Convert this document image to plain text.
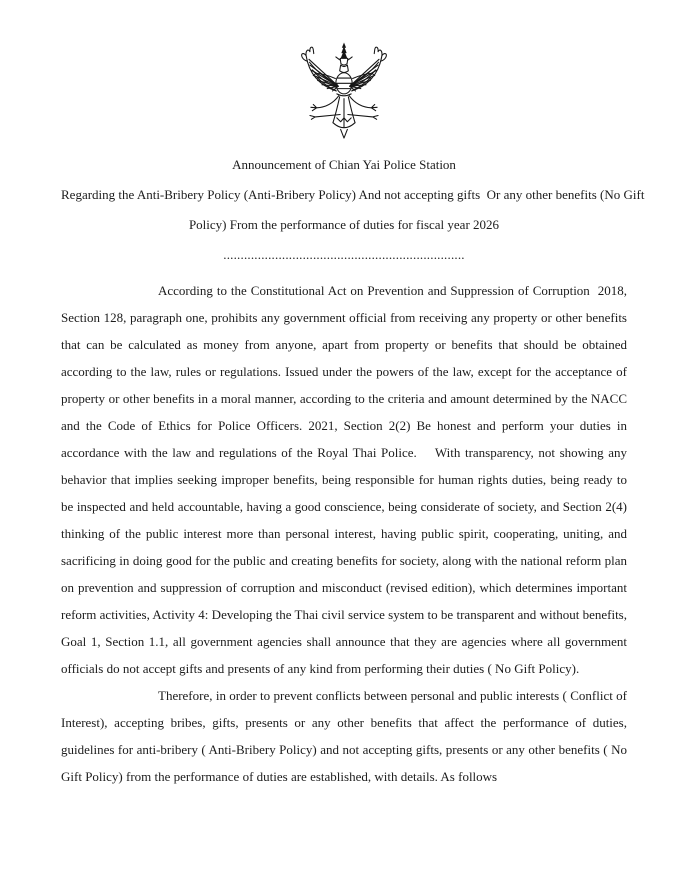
Announcement of Chian Yai Police Station
Regarding the Anti-Bribery Policy (Anti-Bribery Policy) And not accepting gifts  Or any other benefits (No Gift
Policy) From the performance of duties for fiscal year 2026
......................................................................

According to the Constitutional Act on Prevention and Suppression of Corruption  2018, Section 128, paragraph one, prohibits any government official from receiving any property or other benefits that can be calculated as money from anyone, apart from property or benefits that should be obtained according to the law, rules or regulations. Issued under the powers of the law, except for the acceptance of property or other benefits in a moral manner, according to the criteria and amount determined by the NACC and the Code of Ethics for Police Officers. 2021, Section 2(2) Be honest and perform your duties in accordance with the law and regulations of the Royal Thai Police.    With transparency, not showing any behavior that implies seeking improper benefits, being responsible for human rights duties, being ready to be inspected and held accountable, having a good conscience, being considerate of society, and Section 2(4) thinking of the public interest more than personal interest, having public spirit, cooperating, uniting, and sacrificing in doing good for the public and creating benefits for society, along with the national reform plan on prevention and suppression of corruption and misconduct (revised edition), which determines important reform activities, Activity 4: Developing the Thai civil service system to be transparent and without benefits, Goal 1, Section 1.1, all government agencies shall announce that they are agencies where all government officials do not accept gifts and presents of any kind from performing their duties ( No Gift Policy).

Therefore, in order to prevent conflicts between personal and public interests ( Conflict of Interest), accepting bribes, gifts, presents or any other benefits that affect the performance of duties, guidelines for anti-bribery ( Anti-Bribery Policy) and not accepting gifts, presents or any other benefits ( No Gift Policy) from the performance of duties are established, with details. As follows
